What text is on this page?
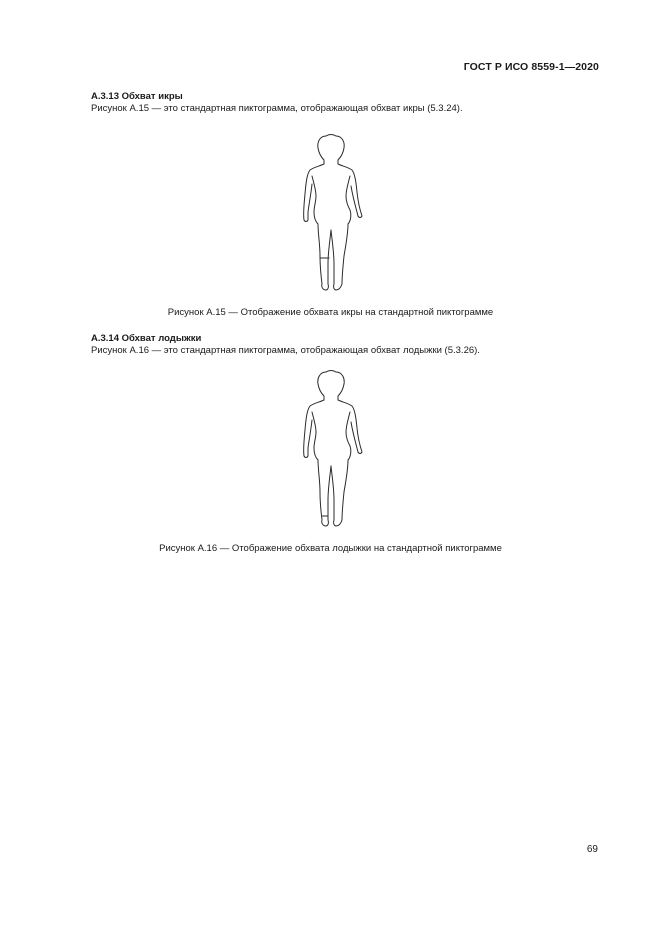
ГОСТ Р ИСО 8559-1—2020

А.3.13 Обхват икры

Рисунок А.15 — это стандартная пиктограмма, отображающая обхват икры (5.3.24).

Рисунок А.15 — Отображение обхвата икры на стандартной пиктограмме

А.3.14 Обхват лодыжки

Рисунок А.16 — это стандартная пиктограмма, отображающая обхват лодыжки (5.3.26).

Рисунок А.16 — Отображение обхвата лодыжки на стандартной пиктограмме
69
